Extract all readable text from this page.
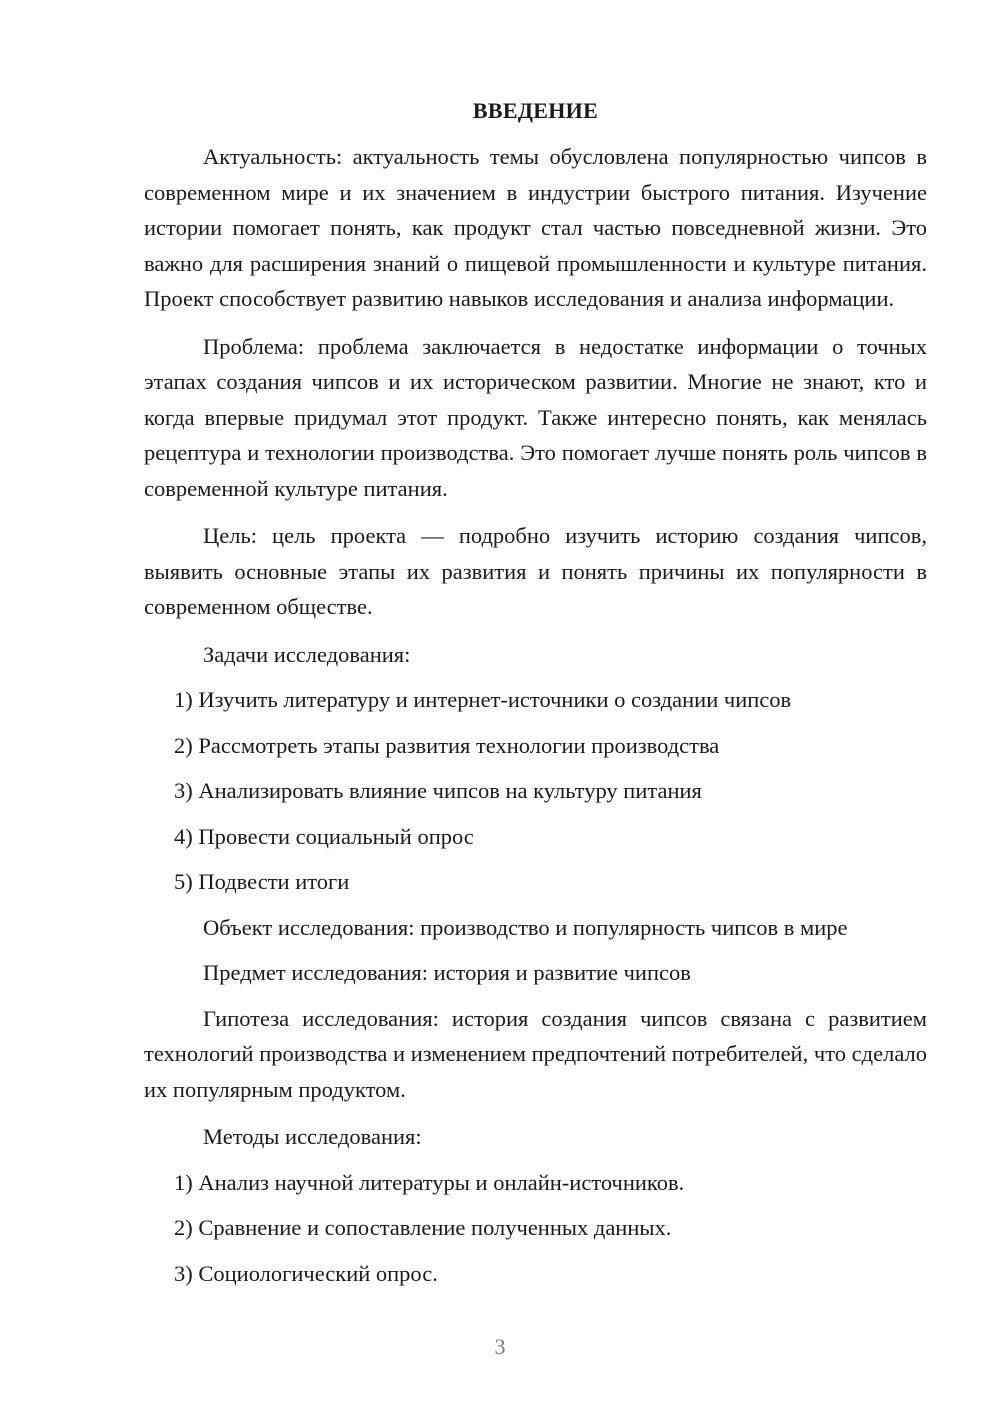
ВВЕДЕНИЕ

Актуальность: актуальность темы обусловлена популярностью чипсов в современном мире и их значением в индустрии быстрого питания. Изучение истории помогает понять, как продукт стал частью повседневной жизни. Это важно для расширения знаний о пищевой промышленности и культуре питания. Проект способствует развитию навыков исследования и анализа информации.

Проблема: проблема заключается в недостатке информации о точных этапах создания чипсов и их историческом развитии. Многие не знают, кто и когда впервые придумал этот продукт. Также интересно понять, как менялась рецептура и технологии производства. Это помогает лучше понять роль чипсов в современной культуре питания.

Цель: цель проекта — подробно изучить историю создания чипсов, выявить основные этапы их развития и понять причины их популярности в современном обществе.

Задачи исследования:
1) Изучить литературу и интернет-источники о создании чипсов
2) Рассмотреть этапы развития технологии производства
3) Анализировать влияние чипсов на культуру питания
4) Провести социальный опрос
5) Подвести итоги
Объект исследования: производство и популярность чипсов в мире
Предмет исследования: история и развитие чипсов

Гипотеза исследования: история создания чипсов связана с развитием технологий производства и изменением предпочтений потребителей, что сделало их популярным продуктом.

Методы исследования:
1) Анализ научной литературы и онлайн-источников.
2) Сравнение и сопоставление полученных данных.
3) Социологический опрос.
3
